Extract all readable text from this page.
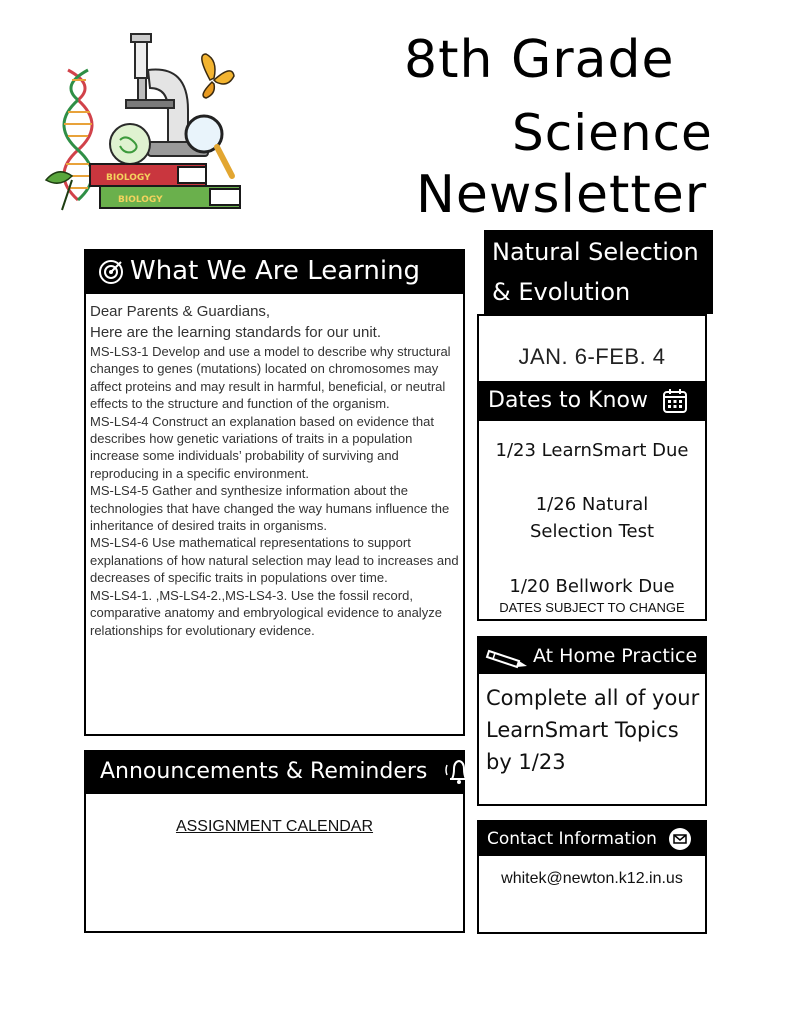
8th Grade
Science
Newsletter
BIOLOGY
BIOLOGY
What We Are Learning
Dear Parents & Guardians,
Here are the learning standards for our unit.
MS-LS3-1 Develop and use a model to describe why structural changes to genes (mutations) located on chromosomes may affect proteins and may result in harmful, beneficial, or neutral effects to the structure and function of the organism.
MS-LS4-4 Construct an explanation based on evidence that describes how genetic variations of traits in a population increase some individuals’ probability of surviving and reproducing in a specific environment.
MS-LS4-5 Gather and synthesize information about the technologies that have changed the way humans influence the inheritance of desired traits in organisms.
MS-LS4-6 Use mathematical representations to support explanations of how natural selection may lead to increases and decreases of specific traits in populations over time.
MS-LS4-1. ,MS-LS4-2.,MS-LS4-3. Use the fossil record, comparative anatomy and embryological evidence to analyze relationships for evolutionary evidence.
Announcements & Reminders
ASSIGNMENT CALENDAR
Natural Selection
& Evolution
JAN. 6-FEB. 4
Dates to Know
1/23 LearnSmart Due
1/26 Natural Selection Test
1/20 Bellwork Due
DATES SUBJECT TO CHANGE
At Home Practice
Complete all of your LearnSmart Topics by 1/23
Contact Information
whitek@newton.k12.in.us
